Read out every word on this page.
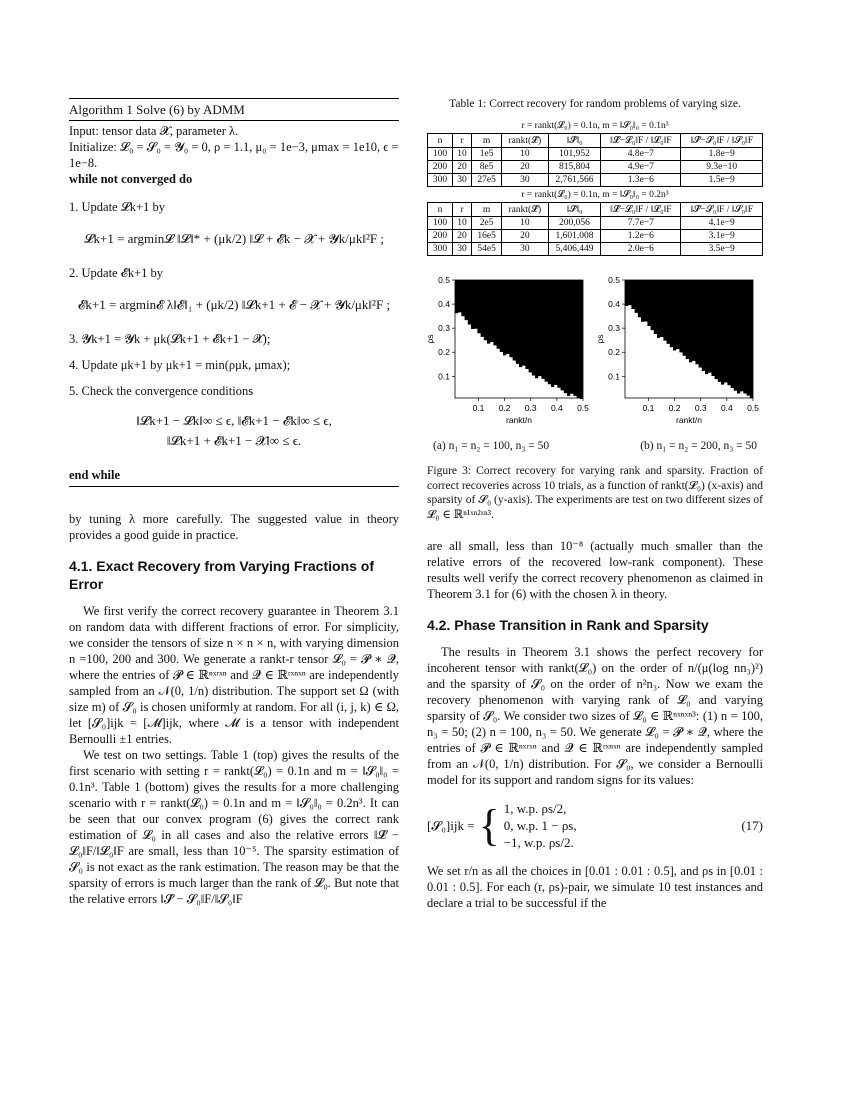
Algorithm 1 Solve (6) by ADMM
Input: tensor data 𝓧, parameter λ.
Initialize: 𝓛₀ = 𝓢₀ = 𝓨₀ = 0, ρ = 1.1, μ₀ = 1e−3, μmax = 1e10, ϵ = 1e−8.
while not converged do
1. Update 𝓛k+1 by
𝓛k+1 = argmin𝓛 ‖𝓛‖* + (μk/2) ‖𝓛 + 𝓔k − 𝓧 + 𝓨k/μk‖²F ;
2. Update 𝓔k+1 by
𝓔k+1 = argmin𝓔 λ‖𝓔‖₁ + (μk/2) ‖𝓛k+1 + 𝓔 − 𝓧 + 𝓨k/μk‖²F ;
3. 𝓨k+1 = 𝓨k + μk(𝓛k+1 + 𝓔k+1 − 𝓧);
4. Update μk+1 by μk+1 = min(ρμk, μmax);
5. Check the convergence conditions
‖𝓛k+1 − 𝓛k‖∞ ≤ ϵ, ‖𝓔k+1 − 𝓔k‖∞ ≤ ϵ,
‖𝓛k+1 + 𝓔k+1 − 𝓧‖∞ ≤ ϵ.
end while

by tuning λ more carefully. The suggested value in theory provides a good guide in practice.

4.1. Exact Recovery from Varying Fractions of Error

We first verify the correct recovery guarantee in Theorem 3.1 on random data with different fractions of error. For simplicity, we consider the tensors of size n × n × n, with varying dimension n =100, 200 and 300. We generate a rankt-r tensor 𝓛₀ = 𝓟 ∗ 𝓠, where the entries of 𝓟 ∈ ℝⁿˣʳˣⁿ and 𝓠 ∈ ℝʳˣⁿˣⁿ are independently sampled from an 𝒩(0, 1/n) distribution. The support set Ω (with size m) of 𝓢₀ is chosen uniformly at random. For all (i, j, k) ∈ Ω, let [𝓢₀]ijk = [𝓜]ijk, where 𝓜 is a tensor with independent Bernoulli ±1 entries.

We test on two settings. Table 1 (top) gives the results of the first scenario with setting r = rankt(𝓛₀) = 0.1n and m = ‖𝓢₀‖₀ = 0.1n³. Table 1 (bottom) gives the results for a more challenging scenario with r = rankt(𝓛₀) = 0.1n and m = ‖𝓢₀‖₀ = 0.2n³. It can be seen that our convex program (6) gives the correct rank estimation of 𝓛₀ in all cases and also the relative errors ‖𝓛̂ − 𝓛₀‖F/‖𝓛₀‖F are small, less than 10⁻⁵. The sparsity estimation of 𝓢₀ is not exact as the rank estimation. The reason may be that the sparsity of errors is much larger than the rank of 𝓛₀. But note that the relative errors ‖𝓢̂ − 𝓢₀‖F/‖𝓢₀‖F

Table 1: Correct recovery for random problems of varying size.
r = rankt(𝓛₀) = 0.1n, m = ‖𝓢₀‖₀ = 0.1n³						
n	r	m	rankt(𝓛̂)	‖𝓢̂‖₀	‖𝓛̂−𝓛₀‖F / ‖𝓛₀‖F	‖𝓢̂−𝓢₀‖F / ‖𝓢₀‖F
100	10	1e5	10	101,952	4.8e−7	1.8e−9
200	20	8e5	20	815,804	4.9e−7	9.3e−10
300	30	27e5	30	2,761,566	1.3e−6	1.5e−9
r = rankt(𝓛₀) = 0.1n, m = ‖𝓢₀‖₀ = 0.2n³						
n	r	m	rankt(𝓛̂)	‖𝓢̂‖₀	‖𝓛̂−𝓛₀‖F / ‖𝓛₀‖F	‖𝓢̂−𝓢₀‖F / ‖𝓢₀‖F
100	10	2e5	10	200,056	7.7e−7	4.1e−9
200	20	16e5	20	1,601,008	1.2e−6	3.1e−9
300	30	54e5	30	5,406,449	2.0e−6	3.5e−9
0.1 0.2 0.3 0.4 0.5
0.1
0.2
0.3
0.4
0.5
rankt/n
ρs
0.1 0.2 0.3 0.4 0.5
0.1
0.2
0.3
0.4
0.5
rankt/n
ρs
(a) n₁ = n₂ = 100, n₃ = 50	(b) n₁ = n₂ = 200, n₃ = 50
Figure 3: Correct recovery for varying rank and sparsity. Fraction of correct recoveries across 10 trials, as a function of rankt(𝓛₀) (x-axis) and sparsity of 𝓢₀ (y-axis). The experiments are test on two different sizes of 𝓛₀ ∈ ℝⁿ¹ˣⁿ²ˣⁿ³.

are all small, less than 10⁻⁸ (actually much smaller than the relative errors of the recovered low-rank component). These results well verify the correct recovery phenomenon as claimed in Theorem 3.1 for (6) with the chosen λ in theory.

4.2. Phase Transition in Rank and Sparsity

The results in Theorem 3.1 shows the perfect recovery for incoherent tensor with rankt(𝓛₀) on the order of n/(μ(log nn₃)²) and the sparsity of 𝓢₀ on the order of n²n₃. Now we exam the recovery phenomenon with varying rank of 𝓛₀ and varying sparsity of 𝓢₀. We consider two sizes of 𝓛₀ ∈ ℝⁿˣⁿˣⁿ³: (1) n = 100, n₃ = 50; (2) n = 100, n₃ = 50. We generate 𝓛₀ = 𝓟 ∗ 𝓠, where the entries of 𝓟 ∈ ℝⁿˣʳˣⁿ and 𝓠 ∈ ℝʳˣⁿˣⁿ are independently sampled from an 𝒩(0, 1/n) distribution. For 𝓢₀, we consider a Bernoulli model for its support and random signs for its values:

[𝓢₀]ijk = { 1, w.p. ρs/2,
0, w.p. 1 − ρs,
−1, w.p. ρs/2.
(17)

We set r/n as all the choices in [0.01 : 0.01 : 0.5], and ρs in [0.01 : 0.01 : 0.5]. For each (r, ρs)-pair, we simulate 10 test instances and declare a trial to be successful if the
